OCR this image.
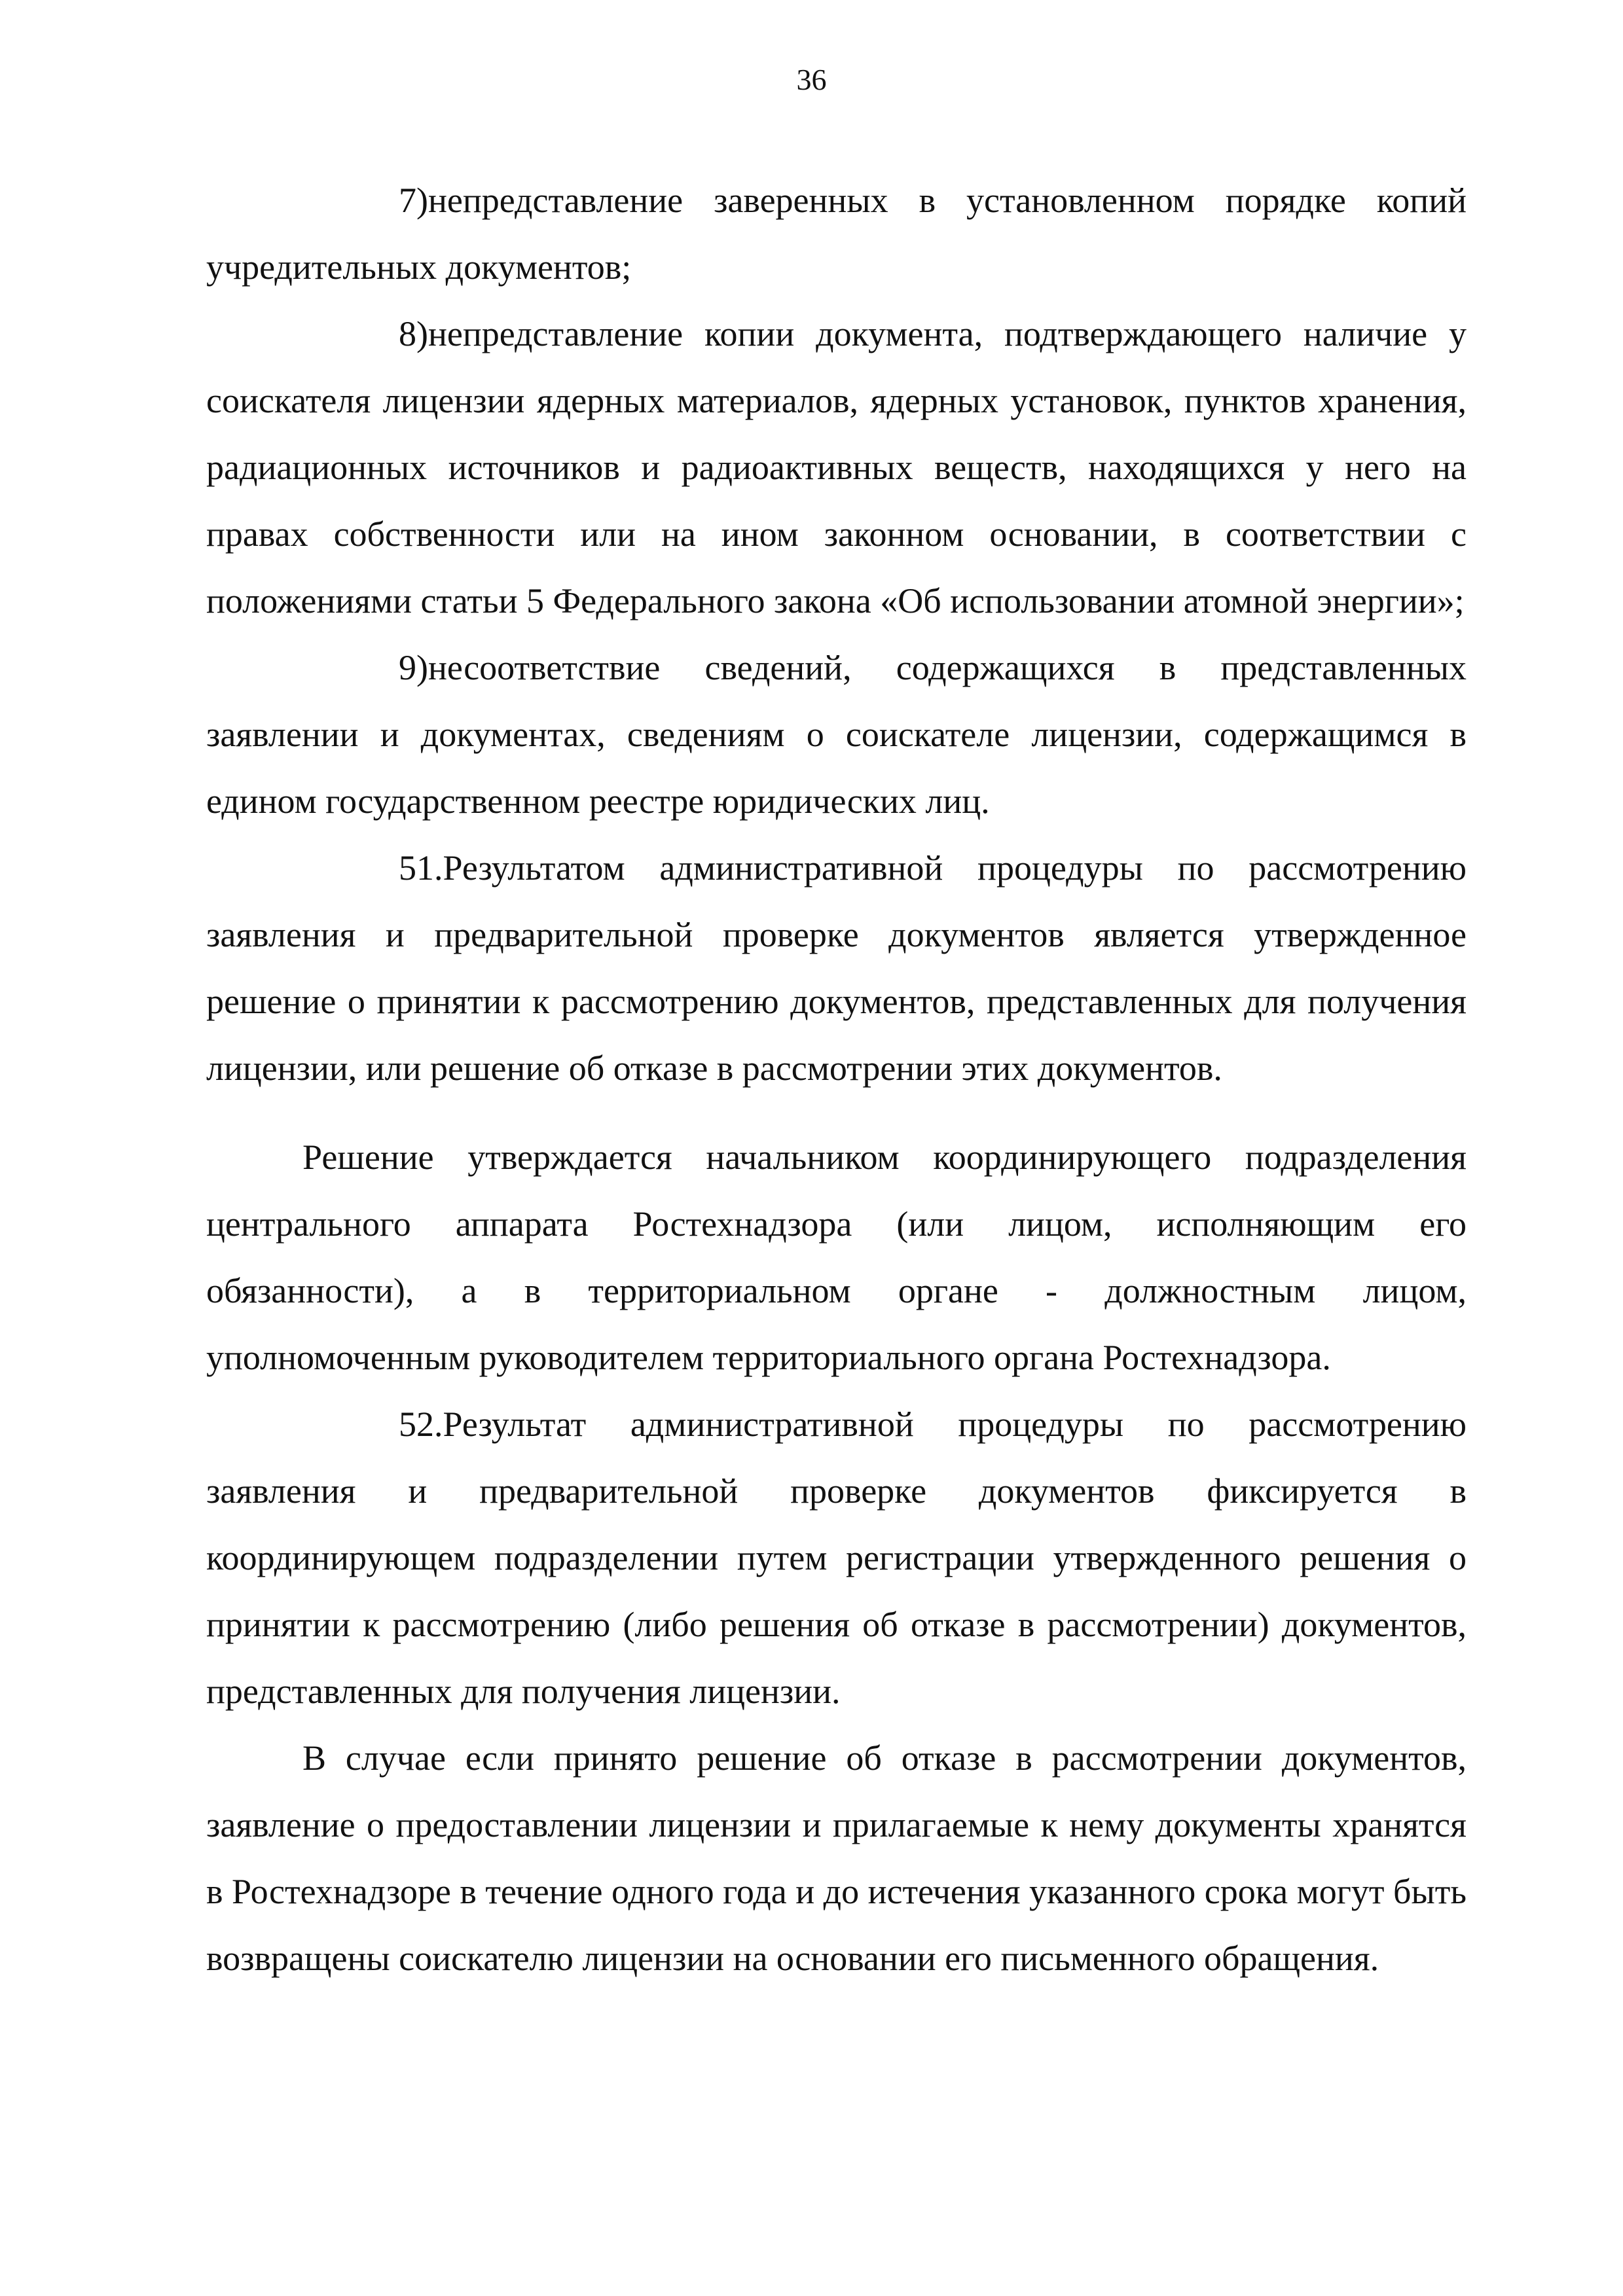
36

7)непредставление заверенных в установленном порядке копий учредительных документов;

8)непредставление копии документа, подтверждающего наличие у соискателя лицензии ядерных материалов, ядерных установок, пунктов хранения, радиационных источников и радиоактивных веществ, находящихся у него на правах собственности или на ином законном основании, в соответствии с положениями статьи 5 Федерального закона «Об использовании атомной энергии»;

9)несоответствие сведений, содержащихся в представленных заявлении и документах, сведениям о соискателе лицензии, содержащимся в едином государственном реестре юридических лиц.

51.Результатом административной процедуры по рассмотрению заявления и предварительной проверке документов является утвержденное решение о принятии к рассмотрению документов, представленных для получения лицензии, или решение об отказе в рассмотрении этих документов.

Решение утверждается начальником координирующего подразделения центрального аппарата Ростехнадзора (или лицом, исполняющим его обязанности), а в территориальном органе - должностным лицом, уполномоченным руководителем территориального органа Ростехнадзора.

52.Результат административной процедуры по рассмотрению заявления и предварительной проверке документов фиксируется в координирующем подразделении путем регистрации утвержденного решения о принятии к рассмотрению (либо решения об отказе в рассмотрении) документов, представленных для получения лицензии.

В случае если принято решение об отказе в рассмотрении документов, заявление о предоставлении лицензии и прилагаемые к нему документы хранятся в Ростехнадзоре в течение одного года и до истечения указанного срока могут быть возвращены соискателю лицензии на основании его письменного обращения.
